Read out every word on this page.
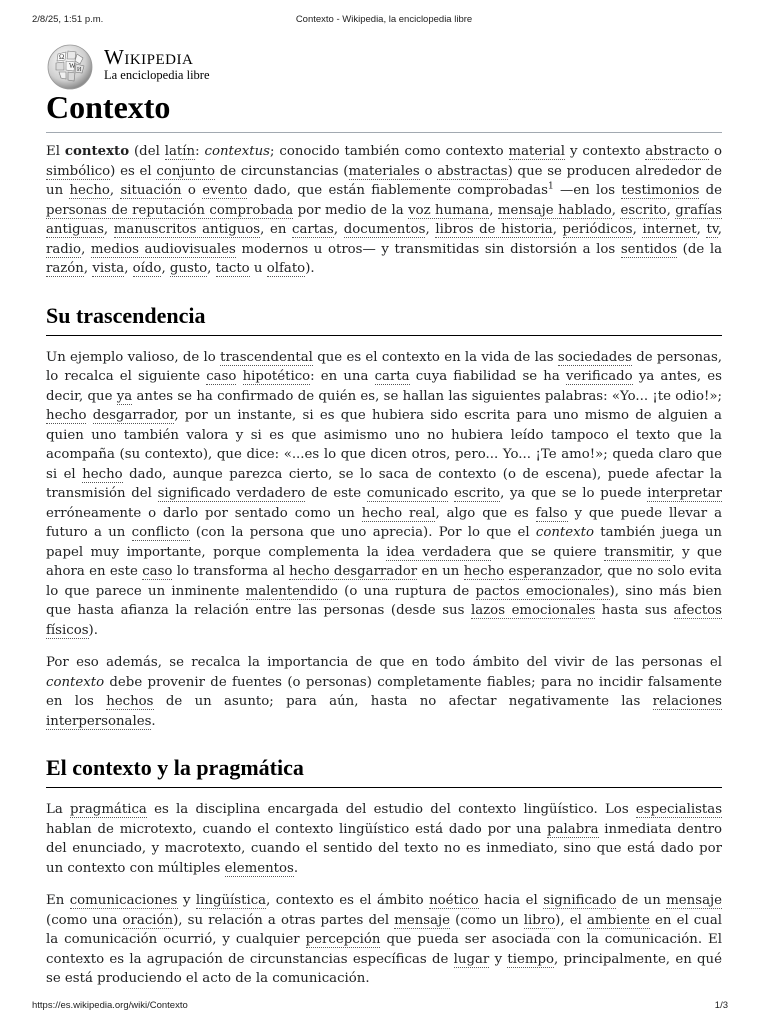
2/8/25, 1:51 p.m.	Contexto - Wikipedia, la enciclopedia libre
Ω
W И
Wikipedia
La enciclopedia libre
Contexto

El contexto (del latín: contextus; conocido también como contexto material y contexto abstracto o simbólico) es el conjunto de circunstancias (materiales o abstractas) que se producen alrededor de un hecho, situación o evento dado, que están fiablemente comprobadas$^1$ —en los testimonios de personas de reputación comprobada por medio de la voz humana, mensaje hablado, escrito, grafías antiguas, manuscritos antiguos, en cartas, documentos, libros de historia, periódicos, internet, tv, radio, medios audiovisuales modernos u otros— y transmitidas sin distorsión a los sentidos (de la razón, vista, oído, gusto, tacto u olfato).

Su trascendencia

Un ejemplo valioso, de lo trascendental que es el contexto en la vida de las sociedades de personas, lo recalca el siguiente caso hipotético: en una carta cuya fiabilidad se ha verificado ya antes, es decir, que ya antes se ha confirmado de quién es, se hallan las siguientes palabras: «Yo... ¡te odio!»; hecho desgarrador, por un instante, si es que hubiera sido escrita para uno mismo de alguien a quien uno también valora y si es que asimismo uno no hubiera leído tampoco el texto que la acompaña (su contexto), que dice: «...es lo que dicen otros, pero... Yo... ¡Te amo!»; queda claro que si el hecho dado, aunque parezca cierto, se lo saca de contexto (o de escena), puede afectar la transmisión del significado verdadero de este comunicado escrito, ya que se lo puede interpretar erróneamente o darlo por sentado como un hecho real, algo que es falso y que puede llevar a futuro a un conflicto (con la persona que uno aprecia). Por lo que el contexto también juega un papel muy importante, porque complementa la idea verdadera que se quiere transmitir, y que ahora en este caso lo transforma al hecho desgarrador en un hecho esperanzador, que no solo evita lo que parece un inminente malentendido (o una ruptura de pactos emocionales), sino más bien que hasta afianza la relación entre las personas (desde sus lazos emocionales hasta sus afectos físicos).

Por eso además, se recalca la importancia de que en todo ámbito del vivir de las personas el contexto debe provenir de fuentes (o personas) completamente fiables; para no incidir falsamente en los hechos de un asunto; para aún, hasta no afectar negativamente las relaciones interpersonales.

El contexto y la pragmática

La pragmática es la disciplina encargada del estudio del contexto lingüístico. Los especialistas hablan de microtexto, cuando el contexto lingüístico está dado por una palabra inmediata dentro del enunciado, y macrotexto, cuando el sentido del texto no es inmediato, sino que está dado por un contexto con múltiples elementos.

En comunicaciones y lingüística, contexto es el ámbito noético hacia el significado de un mensaje (como una oración), su relación a otras partes del mensaje (como un libro), el ambiente en el cual la comunicación ocurrió, y cualquier percepción que pueda ser asociada con la comunicación. El contexto es la agrupación de circunstancias específicas de lugar y tiempo, principalmente, en qué se está produciendo el acto de la comunicación.

https://es.wikipedia.org/wiki/Contexto	1/3
